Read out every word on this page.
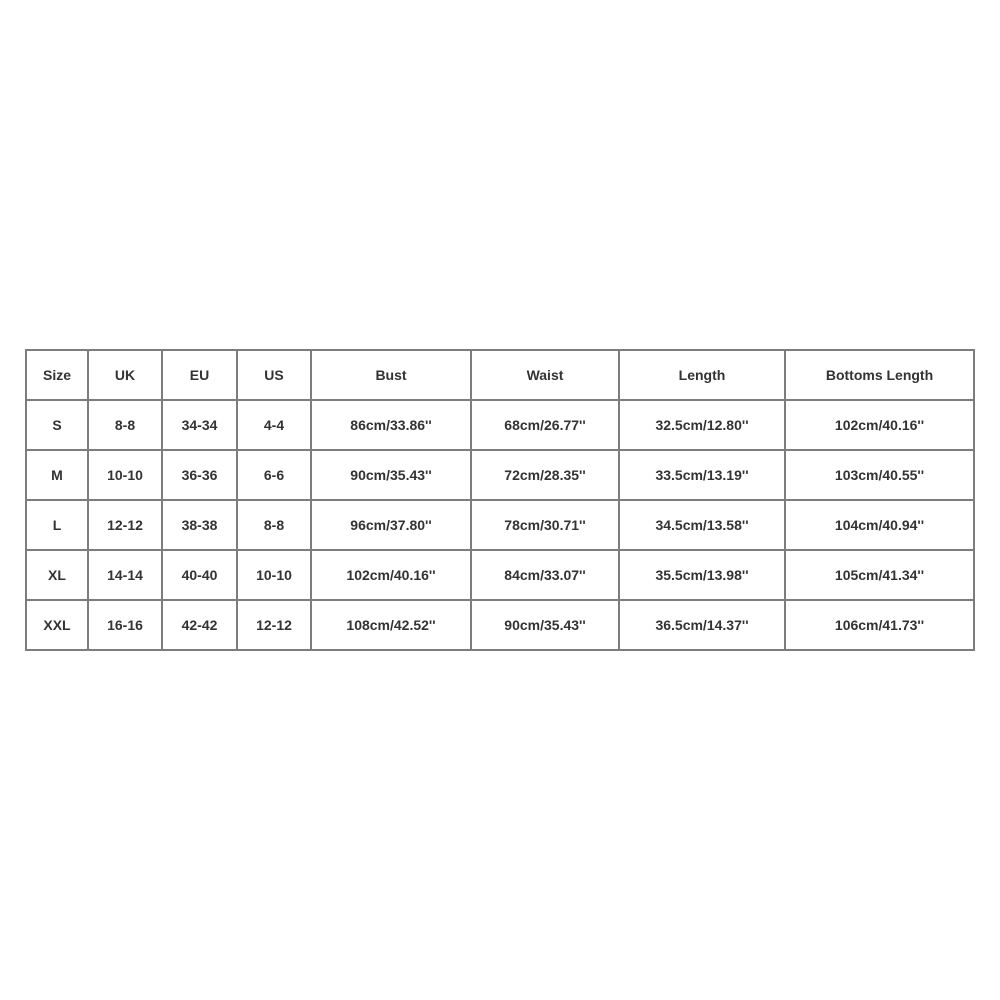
Size	UK	EU	US	Bust	Waist	Length	Bottoms Length
S	8-8	34-34	4-4	86cm/33.86''	68cm/26.77''	32.5cm/12.80''	102cm/40.16''
M	10-10	36-36	6-6	90cm/35.43''	72cm/28.35''	33.5cm/13.19''	103cm/40.55''
L	12-12	38-38	8-8	96cm/37.80''	78cm/30.71''	34.5cm/13.58''	104cm/40.94''
XL	14-14	40-40	10-10	102cm/40.16''	84cm/33.07''	35.5cm/13.98''	105cm/41.34''
XXL	16-16	42-42	12-12	108cm/42.52''	90cm/35.43''	36.5cm/14.37''	106cm/41.73''
